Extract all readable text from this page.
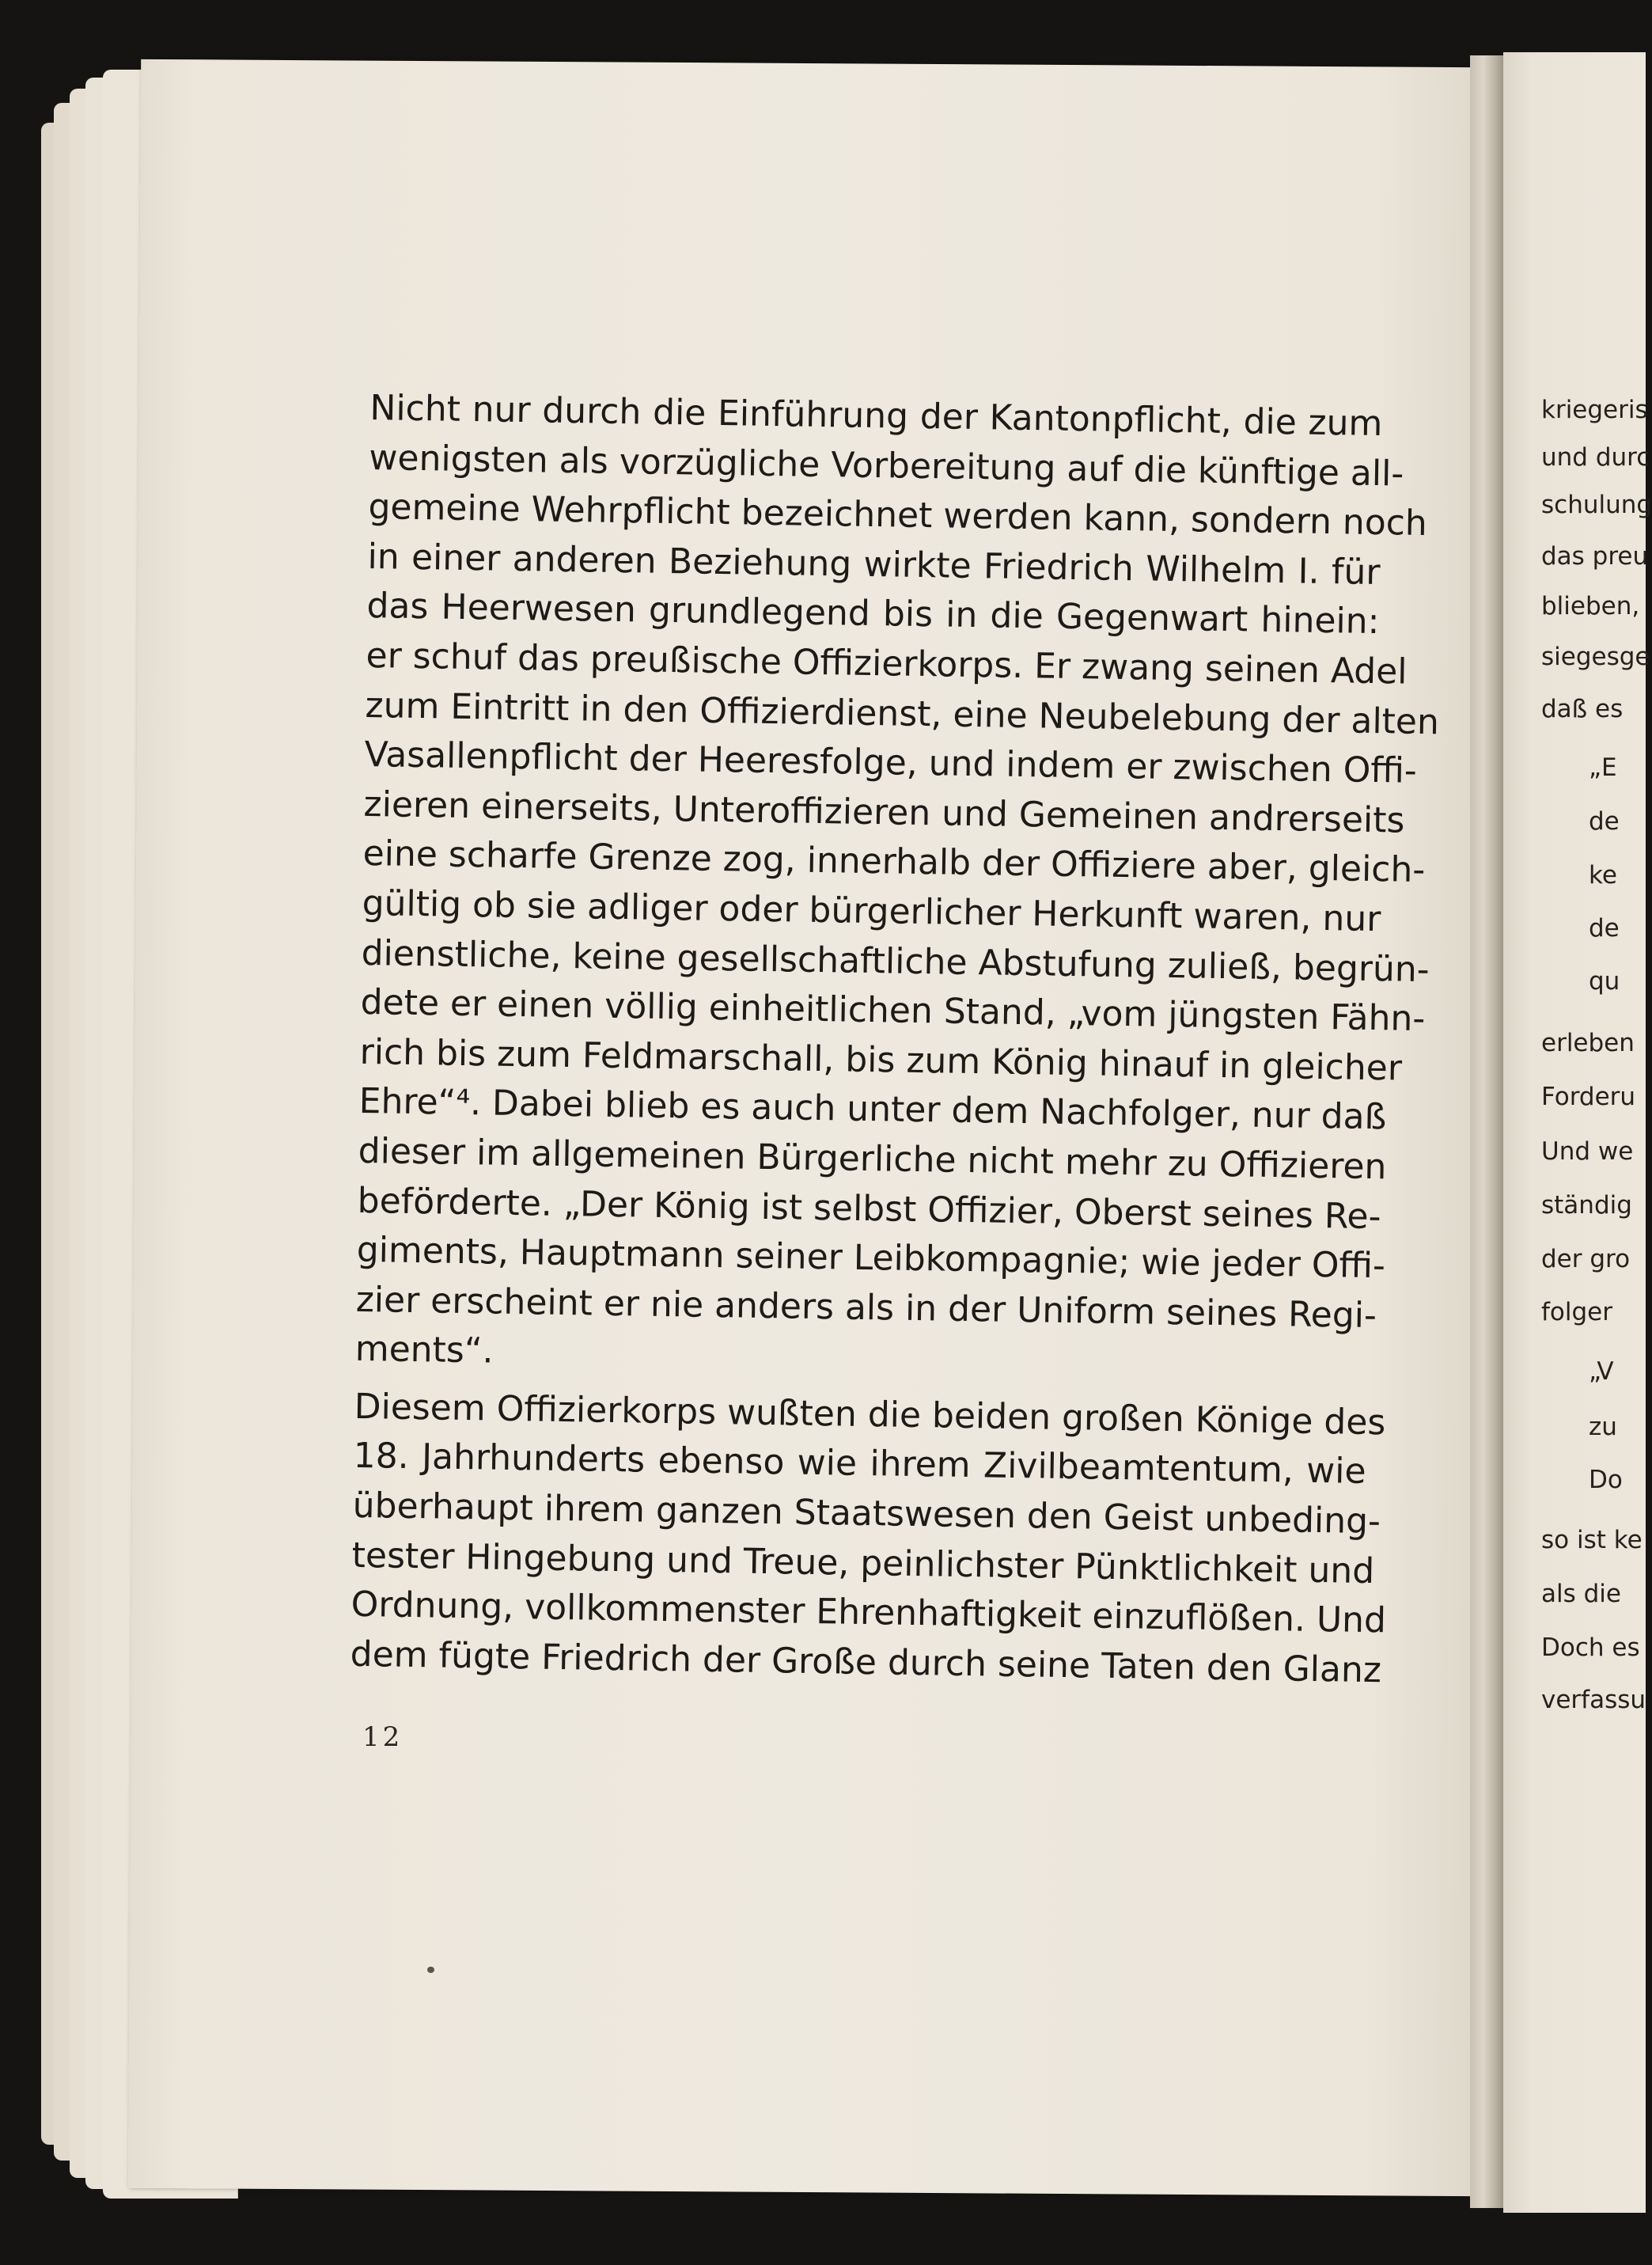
Nicht nur durch die Einführung der Kantonpflicht, die zum
wenigsten als vorzügliche Vorbereitung auf die künftige all-
gemeine Wehrpflicht bezeichnet werden kann, sondern noch
in einer anderen Beziehung wirkte Friedrich Wilhelm I. für
das Heerwesen grundlegend bis in die Gegenwart hinein:
er schuf das preußische Offizierkorps. Er zwang seinen Adel
zum Eintritt in den Offizierdienst, eine Neubelebung der alten
Vasallenpflicht der Heeresfolge, und indem er zwischen Offi-
zieren einerseits, Unteroffizieren und Gemeinen andrerseits
eine scharfe Grenze zog, innerhalb der Offiziere aber, gleich-
gültig ob sie adliger oder bürgerlicher Herkunft waren, nur
dienstliche, keine gesellschaftliche Abstufung zuließ, begrün-
dete er einen völlig einheitlichen Stand, „vom jüngsten Fähn-
rich bis zum Feldmarschall, bis zum König hinauf in gleicher
Ehre“⁴. Dabei blieb es auch unter dem Nachfolger, nur daß
dieser im allgemeinen Bürgerliche nicht mehr zu Offizieren
beförderte. „Der König ist selbst Offizier, Oberst seines Re-
giments, Hauptmann seiner Leibkompagnie; wie jeder Offi-
zier erscheint er nie anders als in der Uniform seines Regi-
ments“.
Diesem Offizierkorps wußten die beiden großen Könige des
18. Jahrhunderts ebenso wie ihrem Zivilbeamtentum, wie
überhaupt ihrem ganzen Staatswesen den Geist unbeding-
tester Hingebung und Treue, peinlichster Pünktlichkeit und
Ordnung, vollkommenster Ehrenhaftigkeit einzuflößen. Und
dem fügte Friedrich der Große durch seine Taten den Glanz
12
kriegeris
und durc
schulung
das preu
blieben,
siegesge
daß es
„E
de
ke
de
qu
erleben
Forderu
Und we
ständig
der gro
folger
„V
zu
Do
so ist ke
als die
Doch es
verfassu
